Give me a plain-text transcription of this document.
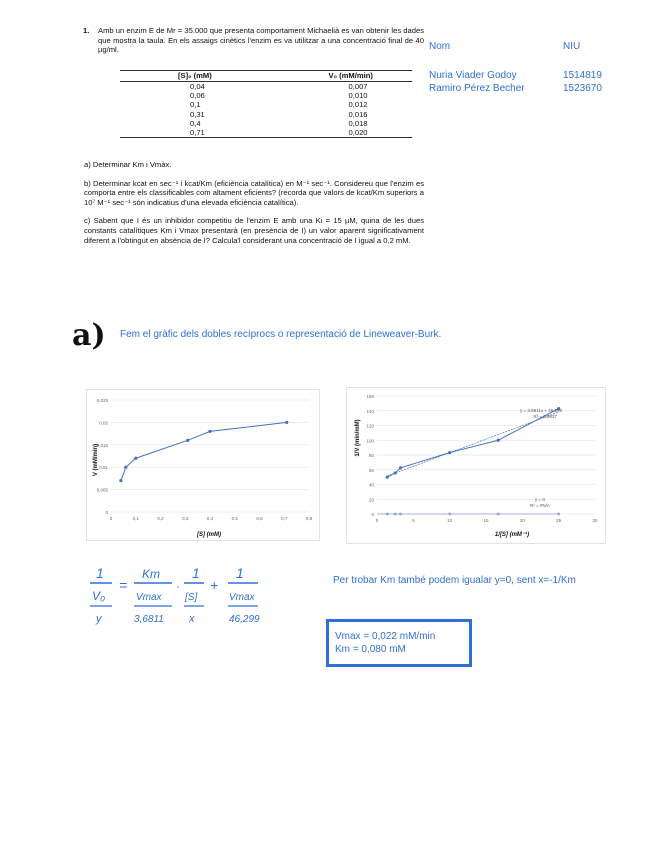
1.	Amb un enzim E de Mr = 35.000 que presenta comportament Michaelià es van obtenir les dades que mostra la taula. En els assaigs cinètics l'enzim es va utilitzar a una concentració final de 40 µg/ml.

[S]₀ (mM)	V₀ (mM/min)
0,04	0,007
0,06	0,010
0,1	0,012
0,31	0,016
0,4	0,018
0,71	0,020

a) Determinar Km i Vmàx.

b) Determinar kcat en sec⁻¹ i kcat/Km (eficiència catalítica) en M⁻¹ sec⁻¹. Considereu que l'enzim es comporta entre els classificables com altament eficients? (recorda que valors de kcat/Km superiors a 10⁷ M⁻¹ sec⁻¹ són indicatius d'una elevada eficiència catalítica).

c) Sabent que I és un inhibidor competitiu de l'enzim E amb una Ki = 15 µM, quina de les dues constants catalítiques Km i Vmax presentarà (en presència de I) un valor aparent significativament diferent a l'obtingut en absència de I? Calcula'l considerant una concentració de I igual a 0,2 mM.

Nom	NIU
Nuria Viader Godoy	1514819
Ramiro Pérez Becher	1523670
a) Fem el gràfic dels dobles recíprocs o representació de Lineweaver-Burk.
0
0,005
0,01
0,015
0,02
0,025
0	0,1	0,2	0,3	0,4	0,5	0,6	0,7	0,8
[S] (mM)
V (mM/min)
0
20
40
60
80
100
120
140
160
0	5	10	15	20	25	30
y = 3,6811x + 46,299
R² = 0,9837
y = 0
R² = #N/A
1/[S] (mM⁻¹)
1/V (min/mM)
1
V₀
=
Km
Vmax
·
1
[S]
+
1
Vmax
y	3,6811 x	46,299
Per trobar Km també podem igualar y=0, sent x=-1/Km
Vmax = 0,022 mM/min
Km = 0,080 mM
